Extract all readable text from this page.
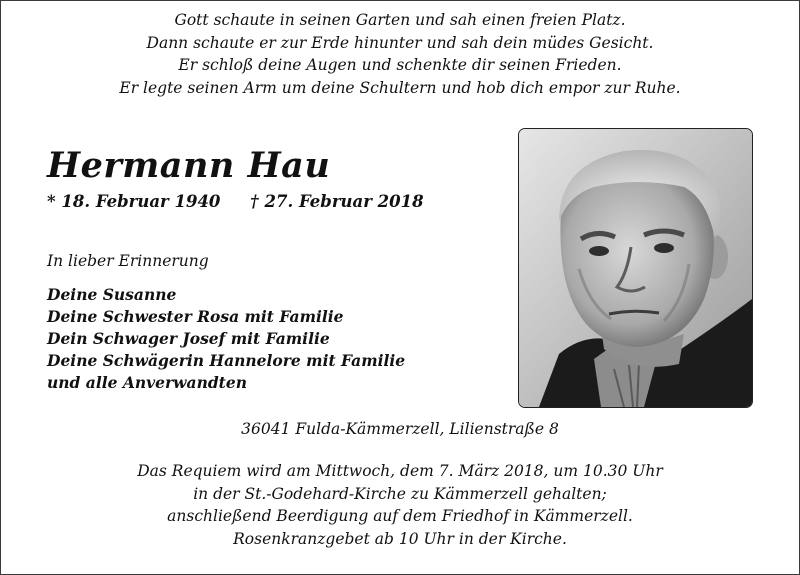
Gott schaute in seinen Garten und sah einen freien Platz.
Dann schaute er zur Erde hinunter und sah dein müdes Gesicht.
Er schloß deine Augen und schenkte dir seinen Frieden.
Er legte seinen Arm um deine Schultern und hob dich empor zur Ruhe.
Hermann Hau
* 18. Februar 1940 † 27. Februar 2018
In lieber Erinnerung
Deine Susanne
Deine Schwester Rosa mit Familie
Dein Schwager Josef mit Familie
Deine Schwägerin Hannelore mit Familie
und alle Anverwandten
36041 Fulda-Kämmerzell, Lilienstraße 8
Das Requiem wird am Mittwoch, dem 7. März 2018, um 10.30 Uhr
in der St.-Godehard-Kirche zu Kämmerzell gehalten;
anschließend Beerdigung auf dem Friedhof in Kämmerzell.
Rosenkranzgebet ab 10 Uhr in der Kirche.
